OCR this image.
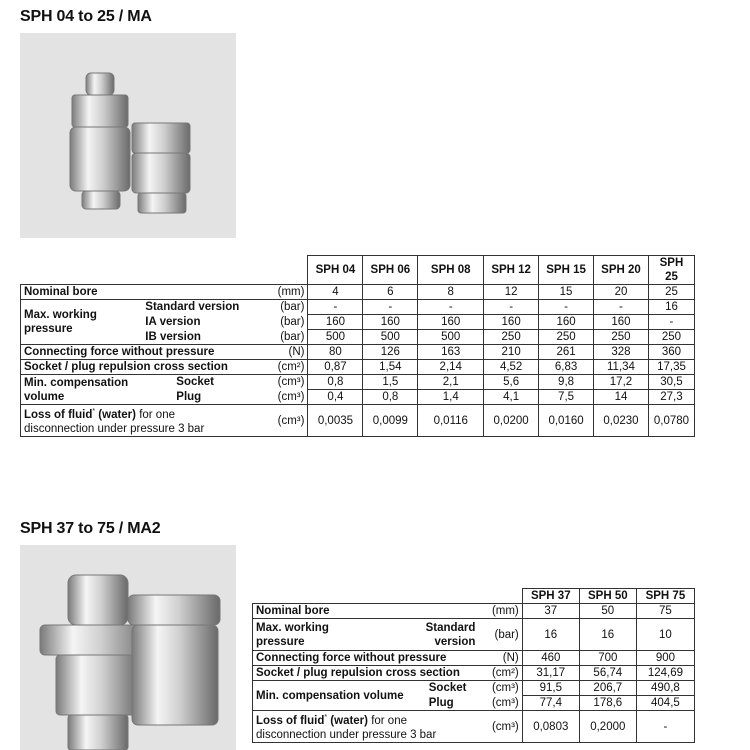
SPH 04 to 25 / MA
			SPH 04	SPH 06	SPH 08	SPH 12	SPH 15	SPH 20	SPH 25
Nominal bore		(mm)	4	6	8	12	15	20	25
Max. working pressure	Standard version	(bar)	-	-	-	-	-	-	16
	IA version	(bar)	160	160	160	160	160	160	-
	IB version	(bar)	500	500	500	250	250	250	250
Connecting force without pressure		(N)	80	126	163	210	261	328	360
Socket / plug repulsion cross section		(cm²)	0,87	1,54	2,14	4,52	6,83	11,34	17,35
Min. compensation volume	Socket	(cm³)	0,8	1,5	2,1	5,6	9,8	17,2	30,5
	Plug	(cm³)	0,4	0,8	1,4	4,1	7,5	14	27,3
Loss of fluid* (water) for one disconnection under pressure 3 bar		(cm³)	0,0035	0,0099	0,0116	0,0200	0,0160	0,0230	0,0780
SPH 37 to 75 / MA2
				SPH 37	SPH 50	SPH 75
Nominal bore			(mm)	37	50	75
Max. working pressure	Standard version		(bar)	16	16	10
Connecting force without pressure			(N)	460	700	900
Socket / plug repulsion cross section			(cm²)	31,17	56,74	124,69
Min. compensation volume		Socket	(cm³)	91,5	206,7	490,8
		Plug	(cm³)	77,4	178,6	404,5
Loss of fluid* (water) for one disconnection under pressure 3 bar			(cm³)	0,0803	0,2000	-
